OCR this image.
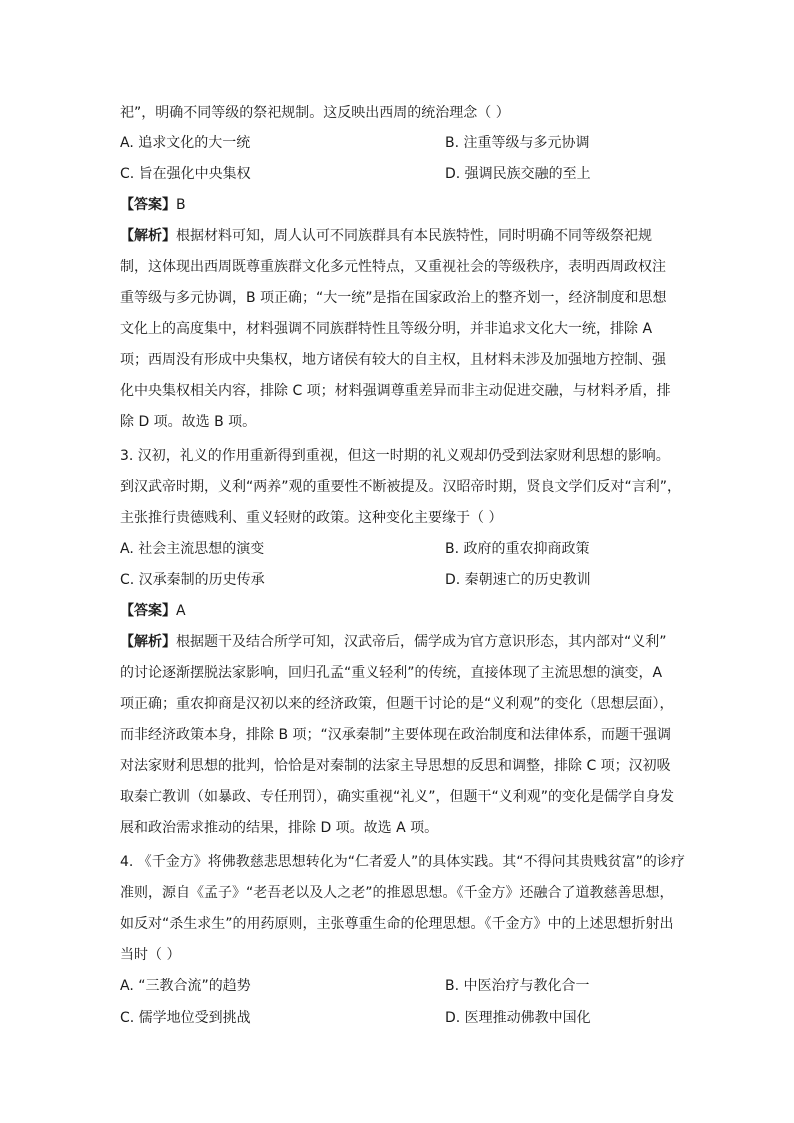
祀”，明确不同等级的祭祀规制。这反映出西周的统治理念（ ）
A. 追求文化的大一统	B. 注重等级与多元协调
C. 旨在强化中央集权	D. 强调民族交融的至上
【答案】B
【解析】根据材料可知，周人认可不同族群具有本民族特性，同时明确不同等级祭祀规
制，这体现出西周既尊重族群文化多元性特点，又重视社会的等级秩序，表明西周政权注
重等级与多元协调，B 项正确；“大一统”是指在国家政治上的整齐划一，经济制度和思想
文化上的高度集中，材料强调不同族群特性且等级分明，并非追求文化大一统，排除 A
项；西周没有形成中央集权，地方诸侯有较大的自主权，且材料未涉及加强地方控制、强
化中央集权相关内容，排除 C 项；材料强调尊重差异而非主动促进交融，与材料矛盾，排
除 D 项。故选 B 项。
3. 汉初，礼义的作用重新得到重视，但这一时期的礼义观却仍受到法家财利思想的影响。
到汉武帝时期，义利“两养”观的重要性不断被提及。汉昭帝时期，贤良文学们反对“言利”，
主张推行贵德贱利、重义轻财的政策。这种变化主要缘于（ ）
A. 社会主流思想的演变	B. 政府的重农抑商政策
C. 汉承秦制的历史传承	D. 秦朝速亡的历史教训
【答案】A
【解析】根据题干及结合所学可知，汉武帝后，儒学成为官方意识形态，其内部对“义利”
的讨论逐渐摆脱法家影响，回归孔孟“重义轻利”的传统，直接体现了主流思想的演变，A
项正确；重农抑商是汉初以来的经济政策，但题干讨论的是“义利观”的变化（思想层面），
而非经济政策本身，排除 B 项；“汉承秦制”主要体现在政治制度和法律体系，而题干强调
对法家财利思想的批判，恰恰是对秦制的法家主导思想的反思和调整，排除 C 项；汉初吸
取秦亡教训（如暴政、专任刑罚），确实重视“礼义”，但题干“义利观”的变化是儒学自身发
展和政治需求推动的结果，排除 D 项。故选 A 项。
4. 《千金方》将佛教慈悲思想转化为“仁者爱人”的具体实践。其“不得问其贵贱贫富”的诊疗
准则，源自《孟子》“老吾老以及人之老”的推恩思想。《千金方》还融合了道教慈善思想，
如反对“杀生求生”的用药原则，主张尊重生命的伦理思想。《千金方》中的上述思想折射出
当时（ ）
A. “三教合流”的趋势	B. 中医治疗与教化合一
C. 儒学地位受到挑战	D. 医理推动佛教中国化
